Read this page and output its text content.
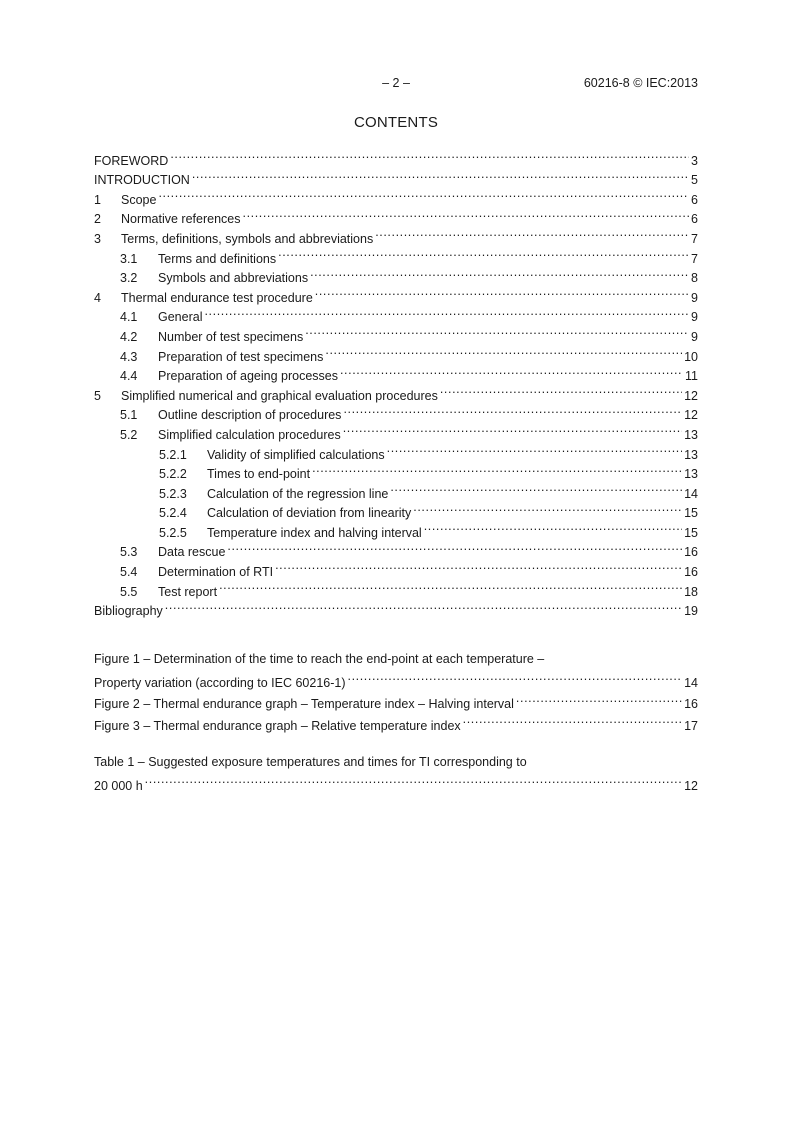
– 2 –	60216-8 © IEC:2013
CONTENTS
FOREWORD .....	3
INTRODUCTION .....	5
1	Scope .....	6
2	Normative references .....	6
3	Terms, definitions, symbols and abbreviations .....	7
3.1	Terms and definitions .....	7
3.2	Symbols and abbreviations .....	8
4	Thermal endurance test procedure .....	9
4.1	General .....	9
4.2	Number of test specimens .....	9
4.3	Preparation of test specimens .....	10
4.4	Preparation of ageing processes .....	11
5	Simplified numerical and graphical evaluation procedures .....	12
5.1	Outline description of procedures .....	12
5.2	Simplified calculation procedures .....	13
5.2.1	Validity of simplified calculations .....	13
5.2.2	Times to end-point .....	13
5.2.3	Calculation of the regression line .....	14
5.2.4	Calculation of deviation from linearity .....	15
5.2.5	Temperature index and halving interval .....	15
5.3	Data rescue .....	16
5.4	Determination of RTI .....	16
5.5	Test report .....	18
Bibliography .....	19
Figure 1 – Determination of the time to reach the end-point at each temperature –
Property variation (according to IEC 60216-1) .....	14
Figure 2 – Thermal endurance graph – Temperature index – Halving interval .....	16
Figure 3 – Thermal endurance graph – Relative temperature index .....	17
Table 1 – Suggested exposure temperatures and times for TI corresponding to
20 000 h .....	12
